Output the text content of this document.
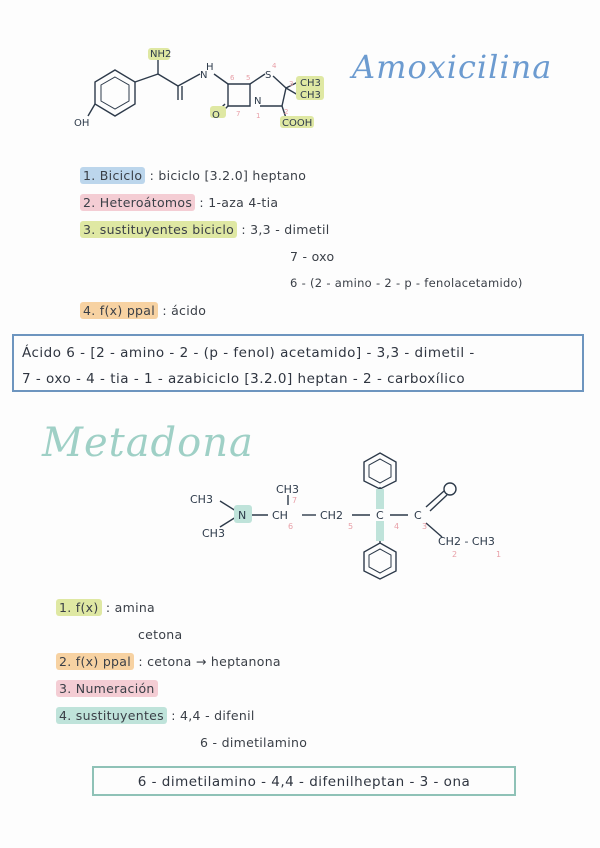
Amoxicilina
NH2
OH
N
H
S
N
O
CH3
CH3
COOH
1	2
3
4
5
6
7
1. Biciclo : biciclo [3.2.0] heptano
2. Heteroátomos : 1-aza 4-tia
3. sustituyentes biciclo : 3,3 - dimetil
7 - oxo
6 - (2 - amino - 2 - p - fenolacetamido)
4. f(x) ppal : ácido
Ácido 6 - [2 - amino - 2 - (p - fenol) acetamido] - 3,3 - dimetil -
7 - oxo - 4 - tia - 1 - azabiciclo [3.2.0] heptan - 2 - carboxílico
Metadona
CH3
CH3
N
CH3
CH	CH2	C	C
CH2 - CH3
7
6	5	4	3
2	1
1. f(x) : amina
cetona
2. f(x) ppal : cetona → heptanona
3. Numeración
4. sustituyentes : 4,4 - difenil
6 - dimetilamino
6 - dimetilamino - 4,4 - difenilheptan - 3 - ona
